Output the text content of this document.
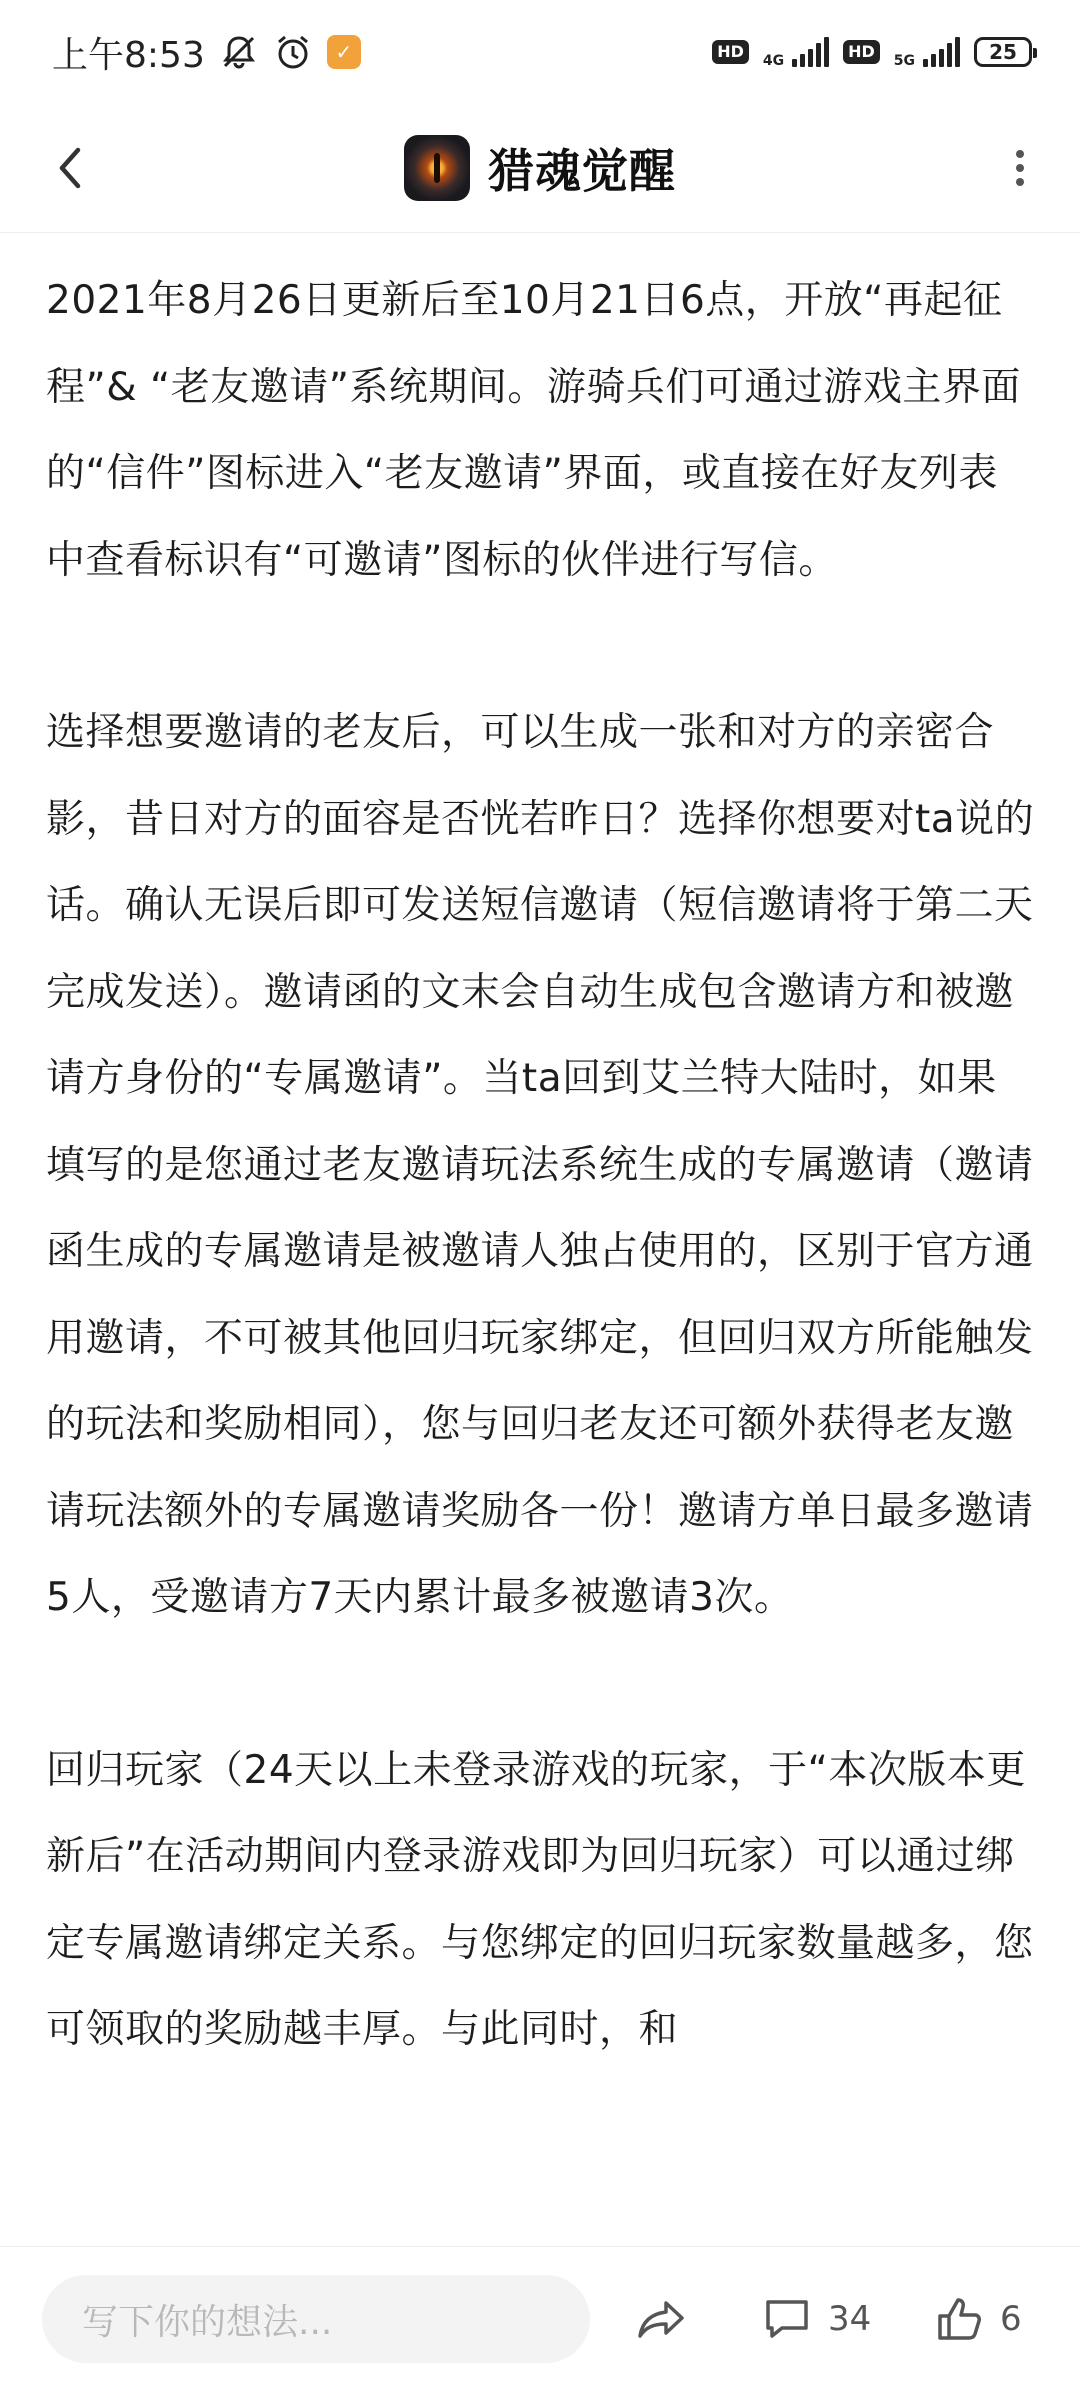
上午8:53	✓	HD	4G	HD	5G	25
猎魂觉醒

2021年8月26日更新后至10月21日6点，开放“再起征程”& “老友邀请”系统期间。游骑兵们可通过游戏主界面的“信件”图标进入“老友邀请”界面，或直接在好友列表中查看标识有“可邀请”图标的伙伴进行写信。

选择想要邀请的老友后，可以生成一张和对方的亲密合影，昔日对方的面容是否恍若昨日？选择你想要对ta说的话。确认无误后即可发送短信邀请（短信邀请将于第二天完成发送）。邀请函的文末会自动生成包含邀请方和被邀请方身份的“专属邀请”。当ta回到艾兰特大陆时，如果填写的是您通过老友邀请玩法系统生成的专属邀请（邀请函生成的专属邀请是被邀请人独占使用的，区别于官方通用邀请，不可被其他回归玩家绑定，但回归双方所能触发的玩法和奖励相同），您与回归老友还可额外获得老友邀请玩法额外的专属邀请奖励各一份！邀请方单日最多邀请5人，受邀请方7天内累计最多被邀请3次。

回归玩家（24天以上未登录游戏的玩家，于“本次版本更新后”在活动期间内登录游戏即为回归玩家）可以通过绑定专属邀请绑定关系。与您绑定的回归玩家数量越多，您可领取的奖励越丰厚。与此同时，和

写下你的想法...	34	6
